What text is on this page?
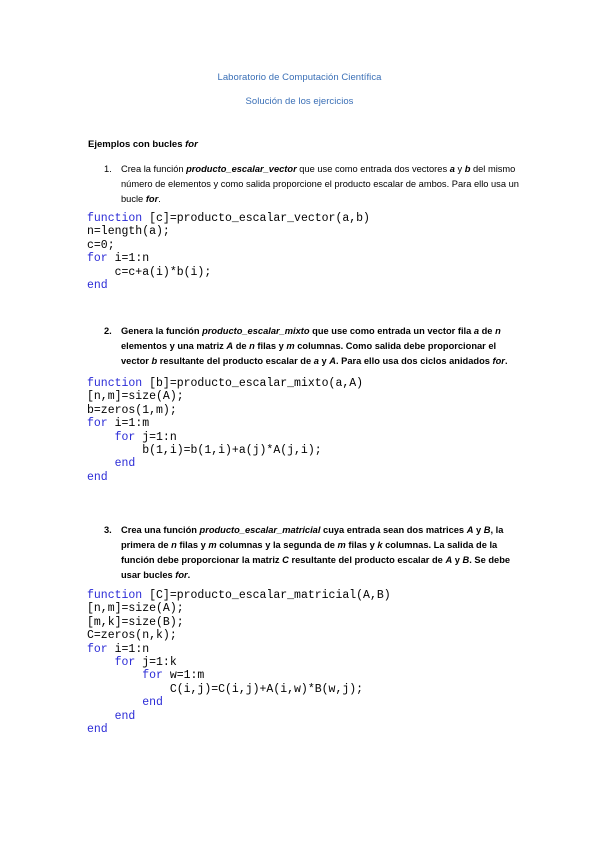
Laboratorio de Computación Científica
Solución de los ejercicios
Ejemplos con bucles for
1. Crea la función producto_escalar_vector que use como entrada dos vectores a y b del mismo número de elementos y como salida proporcione el producto escalar de ambos. Para ello usa un bucle for.
function [c]=producto_escalar_vector(a,b)
n=length(a);
c=0;
for i=1:n
c=c+a(i)*b(i);
end
2. Genera la función producto_escalar_mixto que use como entrada un vector fila a de n elementos y una matriz A de n filas y m columnas. Como salida debe proporcionar el vector b resultante del producto escalar de a y A. Para ello usa dos ciclos anidados for.
function [b]=producto_escalar_mixto(a,A)
[n,m]=size(A);
b=zeros(1,m);
for i=1:m
for j=1:n
b(1,i)=b(1,i)+a(j)*A(j,i);
end
end
3. Crea una función producto_escalar_matricial cuya entrada sean dos matrices A y B, la primera de n filas y m columnas y la segunda de m filas y k columnas. La salida de la función debe proporcionar la matriz C resultante del producto escalar de A y B. Se debe usar bucles for.
function [C]=producto_escalar_matricial(A,B)
[n,m]=size(A);
[m,k]=size(B);
C=zeros(n,k);
for i=1:n
for j=1:k
for w=1:m
C(i,j)=C(i,j)+A(i,w)*B(w,j);
end
end
end
